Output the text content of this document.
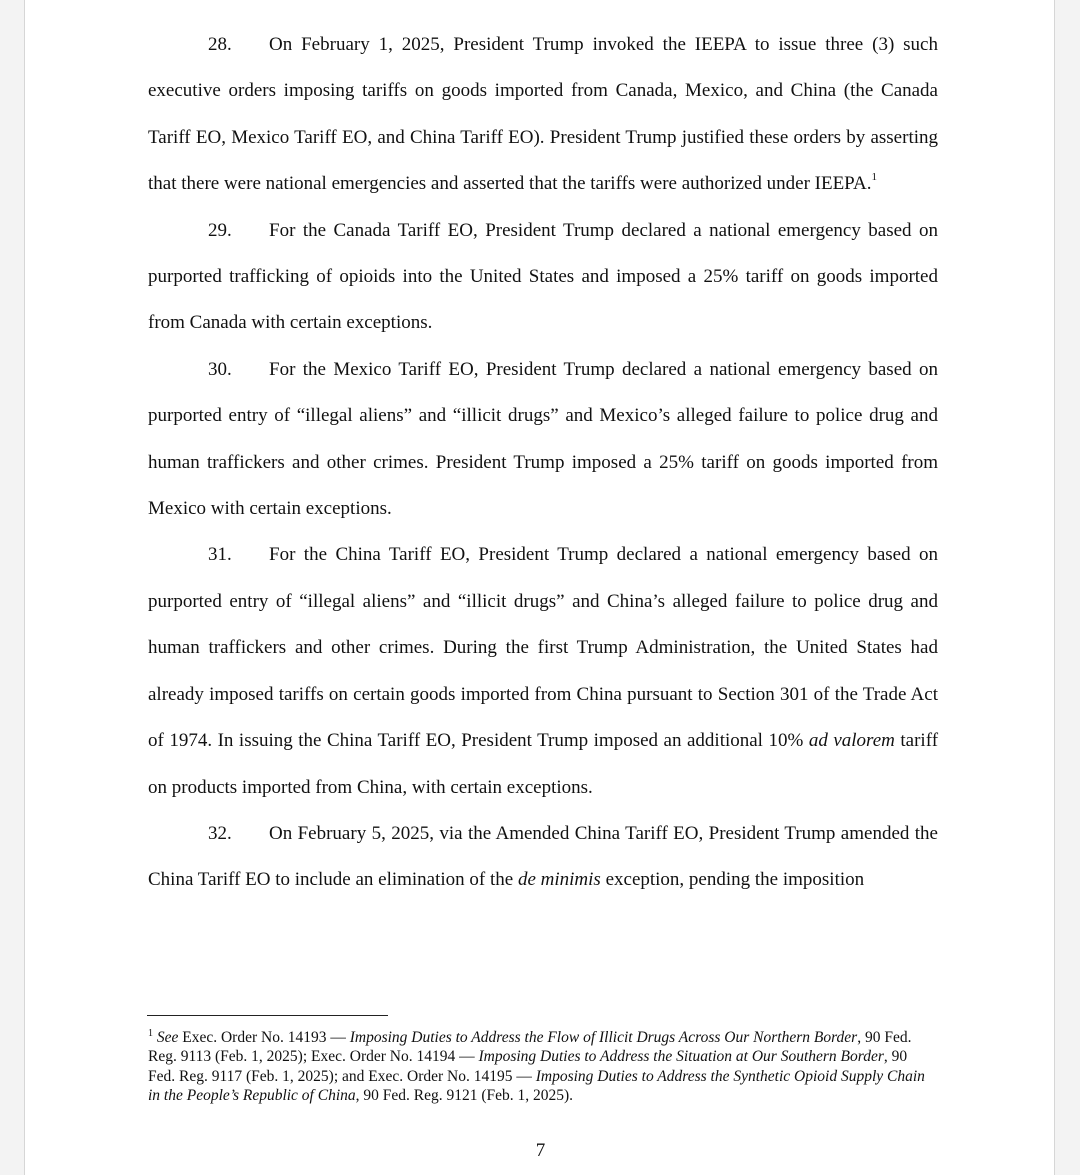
28. On February 1, 2025, President Trump invoked the IEEPA to issue three (3) such executive orders imposing tariffs on goods imported from Canada, Mexico, and China (the Canada Tariff EO, Mexico Tariff EO, and China Tariff EO). President Trump justified these orders by asserting that there were national emergencies and asserted that the tariffs were authorized under IEEPA.$^1$

29. For the Canada Tariff EO, President Trump declared a national emergency based on purported trafficking of opioids into the United States and imposed a 25% tariff on goods imported from Canada with certain exceptions.

30. For the Mexico Tariff EO, President Trump declared a national emergency based on purported entry of “illegal aliens” and “illicit drugs” and Mexico’s alleged failure to police drug and human traffickers and other crimes. President Trump imposed a 25% tariff on goods imported from Mexico with certain exceptions.

31. For the China Tariff EO, President Trump declared a national emergency based on purported entry of “illegal aliens” and “illicit drugs” and China’s alleged failure to police drug and human traffickers and other crimes. During the first Trump Administration, the United States had already imposed tariffs on certain goods imported from China pursuant to Section 301 of the Trade Act of 1974. In issuing the China Tariff EO, President Trump imposed an additional 10% ad valorem tariff on products imported from China, with certain exceptions.

32. On February 5, 2025, via the Amended China Tariff EO, President Trump amended the China Tariff EO to include an elimination of the de minimis exception, pending the imposition

$^1$ See Exec. Order No. 14193 — Imposing Duties to Address the Flow of Illicit Drugs Across Our Northern Border, 90 Fed. Reg. 9113 (Feb. 1, 2025); Exec. Order No. 14194 — Imposing Duties to Address the Situation at Our Southern Border, 90 Fed. Reg. 9117 (Feb. 1, 2025); and Exec. Order No. 14195 — Imposing Duties to Address the Synthetic Opioid Supply Chain in the People’s Republic of China, 90 Fed. Reg. 9121 (Feb. 1, 2025).

7
